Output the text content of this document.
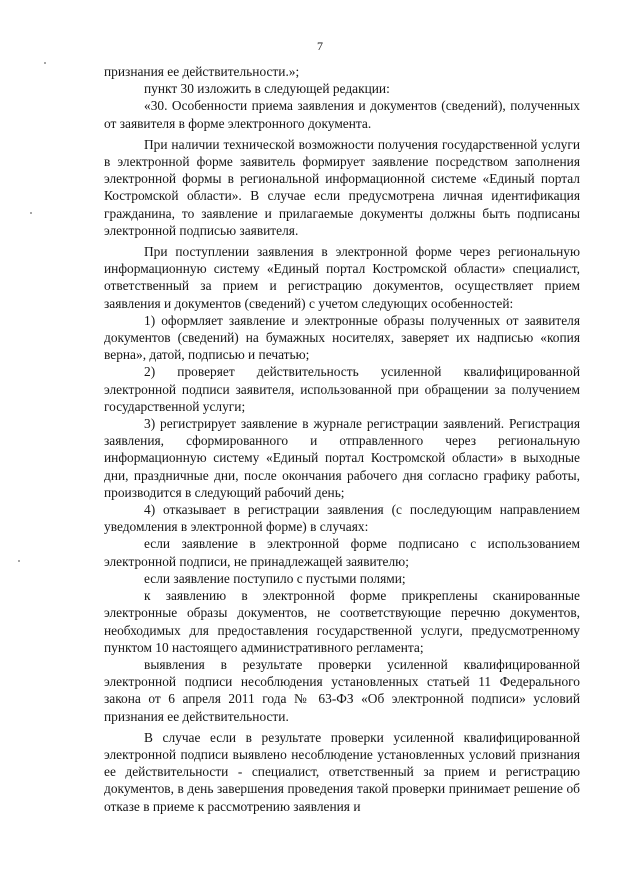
7

признания ее действительности.»;

пункт 30 изложить в следующей редакции:

«30. Особенности приема заявления и документов (сведений), полученных от заявителя в форме электронного документа.

При наличии технической возможности получения государственной услуги в электронной форме заявитель формирует заявление посредством заполнения электронной формы в региональной информационной системе «Единый портал Костромской области». В случае если предусмотрена личная идентификация гражданина, то заявление и прилагаемые документы должны быть подписаны электронной подписью заявителя.

При поступлении заявления в электронной форме через региональную информационную систему «Единый портал Костромской области» специалист, ответственный за прием и регистрацию документов, осуществляет прием заявления и документов (сведений) с учетом следующих особенностей:

1) оформляет заявление и электронные образы полученных от заявителя документов (сведений) на бумажных носителях, заверяет их надписью «копия верна», датой, подписью и печатью;

2) проверяет действительность усиленной квалифицированной электронной подписи заявителя, использованной при обращении за получением государственной услуги;

3) регистрирует заявление в журнале регистрации заявлений. Регистрация заявления, сформированного и отправленного через региональную информационную систему «Единый портал Костромской области» в выходные дни, праздничные дни, после окончания рабочего дня согласно графику работы, производится в следующий рабочий день;

4) отказывает в регистрации заявления (с последующим направлением уведомления в электронной форме) в случаях:

если заявление в электронной форме подписано с использованием электронной подписи, не принадлежащей заявителю;

если заявление поступило с пустыми полями;

к заявлению в электронной форме прикреплены сканированные электронные образы документов, не соответствующие перечню документов, необходимых для предоставления государственной услуги, предусмотренному пунктом 10 настоящего административного регламента;

выявления в результате проверки усиленной квалифицированной электронной подписи несоблюдения установленных статьей 11 Федерального закона от 6 апреля 2011 года № 63-ФЗ «Об электронной подписи» условий признания ее действительности.

В случае если в результате проверки усиленной квалифицированной электронной подписи выявлено несоблюдение установленных условий признания ее действительности - специалист, ответственный за прием и регистрацию документов, в день завершения проведения такой проверки принимает решение об отказе в приеме к рассмотрению заявления и
